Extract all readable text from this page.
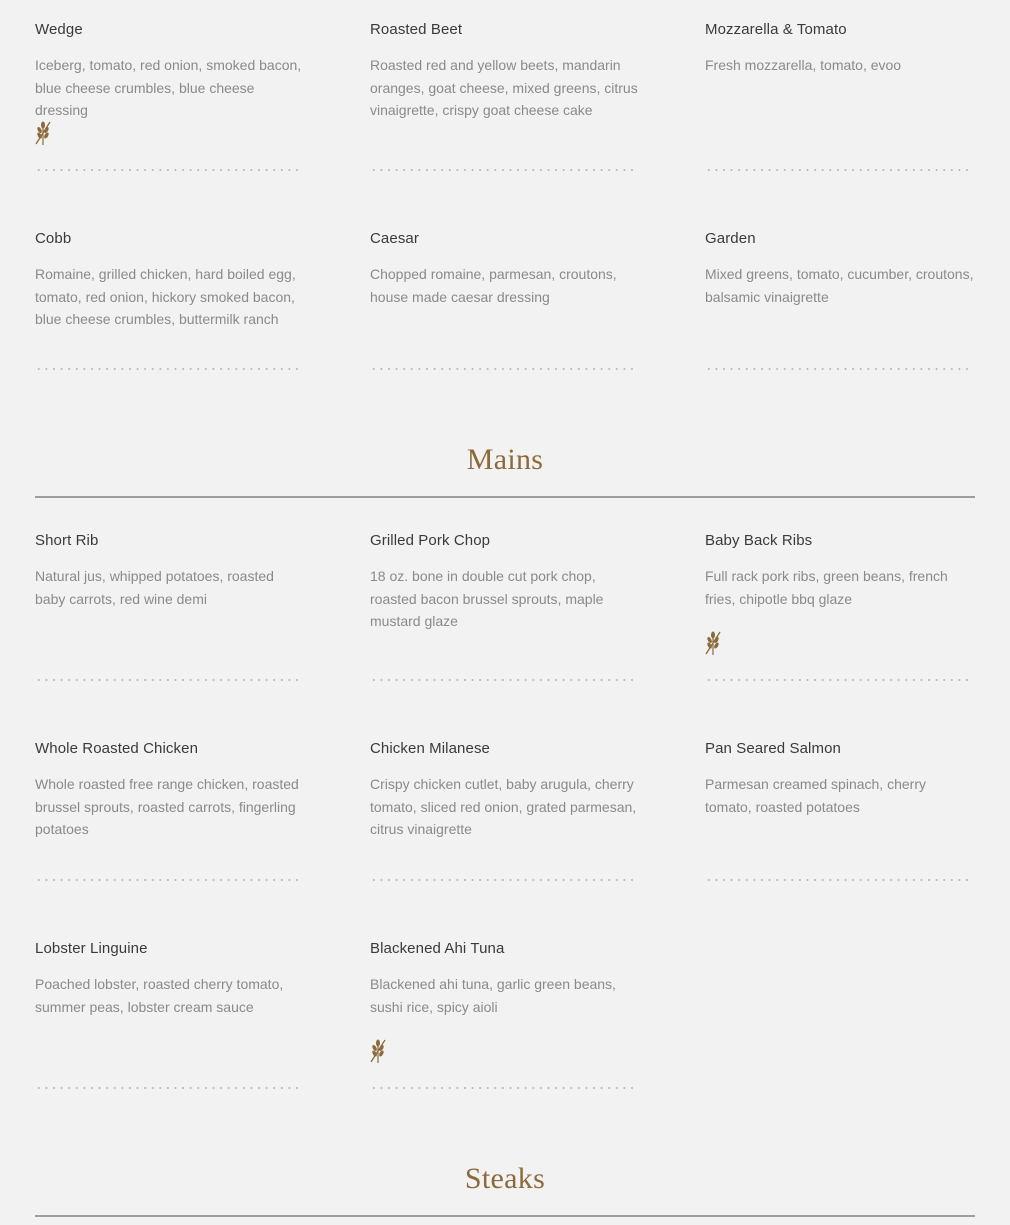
Wedge
Iceberg, tomato, red onion, smoked bacon, blue cheese crumbles, blue cheese dressing
Roasted Beet
Roasted red and yellow beets, mandarin oranges, goat cheese, mixed greens, citrus vinaigrette, crispy goat cheese cake
Mozzarella & Tomato
Fresh mozzarella, tomato, evoo
Cobb
Romaine, grilled chicken, hard boiled egg, tomato, red onion, hickory smoked bacon, blue cheese crumbles, buttermilk ranch
Caesar
Chopped romaine, parmesan, croutons, house made caesar dressing
Garden
Mixed greens, tomato, cucumber, croutons, balsamic vinaigrette
Mains
Short Rib
Natural jus, whipped potatoes, roasted baby carrots, red wine demi
Grilled Pork Chop
18 oz. bone in double cut pork chop, roasted bacon brussel sprouts, maple mustard glaze
Baby Back Ribs
Full rack pork ribs, green beans, french fries, chipotle bbq glaze
Whole Roasted Chicken
Whole roasted free range chicken, roasted brussel sprouts, roasted carrots, fingerling potatoes
Chicken Milanese
Crispy chicken cutlet, baby arugula, cherry tomato, sliced red onion, grated parmesan, citrus vinaigrette
Pan Seared Salmon
Parmesan creamed spinach, cherry tomato, roasted potatoes
Lobster Linguine
Poached lobster, roasted cherry tomato, summer peas, lobster cream sauce
Blackened Ahi Tuna
Blackened ahi tuna, garlic green beans, sushi rice, spicy aioli
Steaks
